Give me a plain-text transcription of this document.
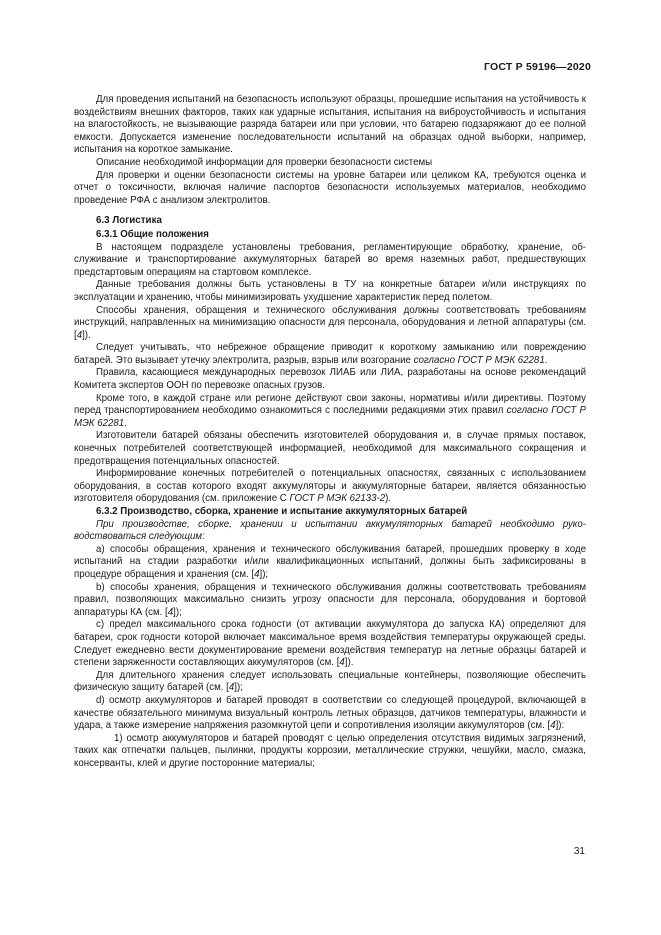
ГОСТ Р 59196—2020

Для проведения испытаний на безопасность используют образцы, прошедшие испытания на устойчивость к воздействиям внешних факторов, таких как ударные испытания, испытания на виброустойчивость и испытания на влагостойкость, не вызывающие разряда батареи или при условии, что батарею подзаряжают до ее полной емкости. Допускается изменение последовательности испытаний на образцах одной выборки, например, испытания на короткое замыкание.

Описание необходимой информации для проверки безопасности системы

Для проверки и оценки безопасности системы на уровне батареи или целиком КА, требуются оценка и отчет о токсичности, включая наличие паспортов безопасности используемых материалов, необходимо проведение РФА с анализом электролитов.

6.3 Логистика
6.3.1 Общие положения

В настоящем подразделе установлены требования, регламентирующие обработку, хранение, обслуживание и транспортирование аккумуляторных батарей во время наземных работ, предшествующих предстартовым операциям на стартовом комплексе.

Данные требования должны быть установлены в ТУ на конкретные батареи и/или инструкциях по эксплуатации и хранению, чтобы минимизировать ухудшение характеристик перед полетом.

Способы хранения, обращения и технического обслуживания должны соответствовать требованиям инструкций, направленных на минимизацию опасности для персонала, оборудования и летной аппаратуры (см. [4]).

Следует учитывать, что небрежное обращение приводит к короткому замыканию или повреждению батарей. Это вызывает утечку электролита, разрыв, взрыв или возгорание согласно ГОСТ Р МЭК 62281.

Правила, касающиеся международных перевозок ЛИАБ или ЛИА, разработаны на основе рекомендаций Комитета экспертов ООН по перевозке опасных грузов.

Кроме того, в каждой стране или регионе действуют свои законы, нормативы и/или директивы. Поэтому перед транспортированием необходимо ознакомиться с последними редакциями этих правил согласно ГОСТ Р МЭК 62281.

Изготовители батарей обязаны обеспечить изготовителей оборудования и, в случае прямых поставок, конечных потребителей соответствующей информацией, необходимой для максимального сокращения и предотвращения потенциальных опасностей.

Информирование конечных потребителей о потенциальных опасностях, связанных с использованием оборудования, в состав которого входят аккумуляторы и аккумуляторные батареи, является обязанностью изготовителя оборудования (см. приложение С ГОСТ Р МЭК 62133-2).

6.3.2 Производство, сборка, хранение и испытание аккумуляторных батарей

При производстве, сборке, хранении и испытании аккумуляторных батарей необходимо руководствоваться следующим:

а) способы обращения, хранения и технического обслуживания батарей, прошедших проверку в ходе испытаний на стадии разработки и/или квалификационных испытаний, должны быть зафиксированы в процедуре обращения и хранения (см. [4]);

b) способы хранения, обращения и технического обслуживания должны соответствовать требованиям правил, позволяющих максимально снизить угрозу опасности для персонала, оборудования и бортовой аппаратуры КА (см. [4]);

c) предел максимального срока годности (от активации аккумулятора до запуска КА) определяют для батареи, срок годности которой включает максимальное время воздействия температуры окружающей среды. Следует ежедневно вести документирование времени воздействия температур на летные образцы батарей и степени заряженности составляющих аккумуляторов (см. [4]).

Для длительного хранения следует использовать специальные контейнеры, позволяющие обеспечить физическую защиту батарей (см. [4]);

d) осмотр аккумуляторов и батарей проводят в соответствии со следующей процедурой, включающей в качестве обязательного минимума визуальный контроль летных образцов, датчиков температуры, влажности и удара, а также измерение напряжения разомкнутой цепи и сопротивления изоляции аккумуляторов (см. [4]):

1) осмотр аккумуляторов и батарей проводят с целью определения отсутствия видимых загрязнений, таких как отпечатки пальцев, пылинки, продукты коррозии, металлические стружки, чешуйки, масло, смазка, консерванты, клей и другие посторонние материалы;

31
